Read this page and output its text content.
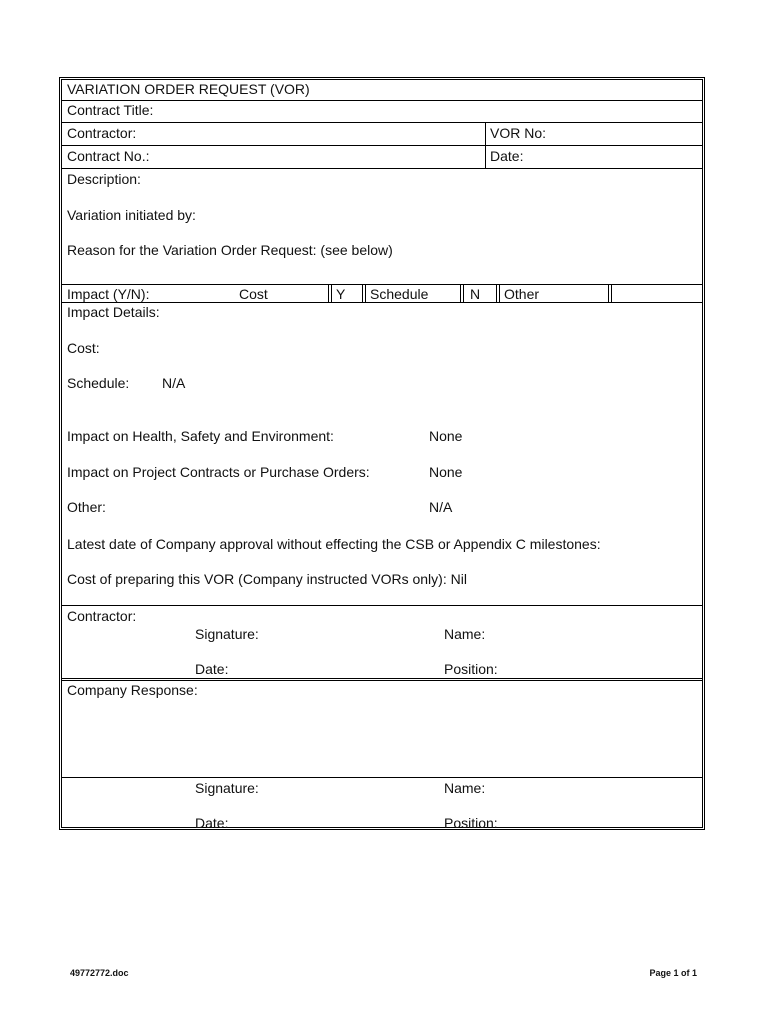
VARIATION ORDER REQUEST (VOR)
Contract Title:
Contractor:	VOR No:
Contract No.:	Date:
Description:
Variation initiated by:
Reason for the Variation Order Request: (see below)
Impact (Y/N):	Cost	Y Schedule	N Other
Impact Details:
Cost:
Schedule: N/A
Impact on Health, Safety and Environment:	None
Impact on Project Contracts or Purchase Orders:	None
Other:	N/A
Latest date of Company approval without effecting the CSB or Appendix C milestones:
Cost of preparing this VOR (Company instructed VORs only): Nil
Contractor:
Signature:	Name:
Date:	Position:
Company Response:
Signature:	Name:
Date:	Position:
49772772.doc	Page 1 of 1
